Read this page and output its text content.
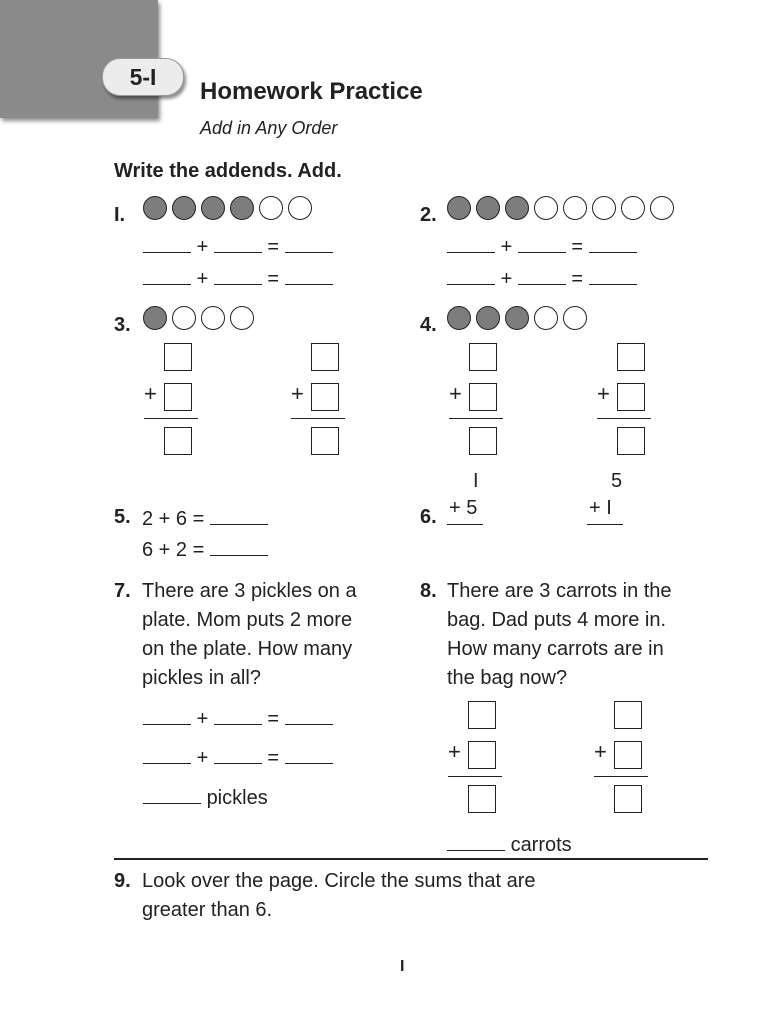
5-I
Homework Practice
Add in Any Order
Write the addends. Add.
I.
+	=
+	=
2.
+	=
+	=
3.	4.
+	+	+	+
+	+
5. 2 + 6 =
6 + 2 =
6.
I
+ 5
5
+ I
7. There are 3 pickles on a
plate. Mom puts 2 more
on the plate. How many
pickles in all?
+	=
+	=
pickles
8. There are 3 carrots in the
bag. Dad puts 4 more in.
How many carrots are in
the bag now?
carrots
9. Look over the page. Circle the sums that are
greater than 6.
I
